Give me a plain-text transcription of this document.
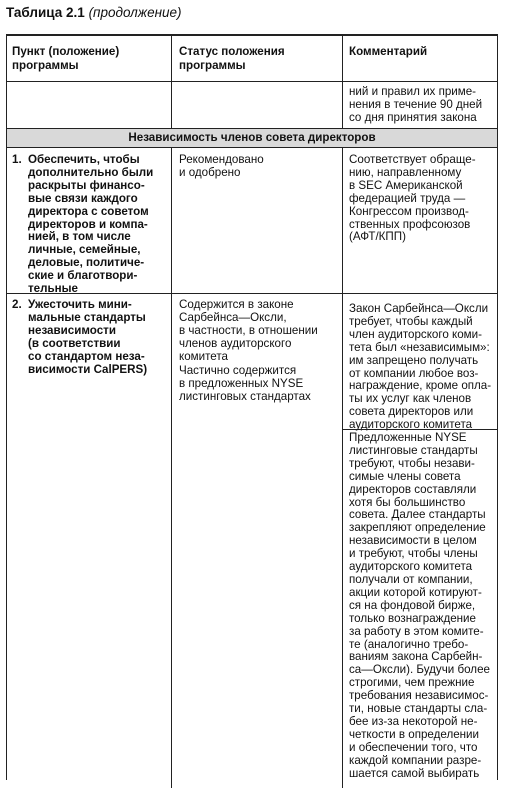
Таблица 2.1 (продолжение)
Пункт (положение)
программы
Статус положения
программы
Комментарий
ний и правил их приме-
нения в течение 90 дней
со дня принятия закона
Независимость членов совета директоров
1. Обеспечить, чтобы
дополнительно были
раскрыты финансо-
вые связи каждого
директора с советом
директоров и компа-
нией, в том числе
личные, семейные,
деловые, политиче-
ские и благотвори-
тельные
Рекомендовано
и одобрено
Соответствует обраще-
нию, направленному
в SEC Американской
федерацией труда —
Конгрессом производ-
ственных профсоюзов
(АФТ/КПП)
2. Ужесточить мини-
мальные стандарты
независимости
(в соответствии
со стандартом неза-
висимости CalPERS)
Содержится в законе
Сарбейнса—Оксли,
в частности, в отношении
членов аудиторского
комитета
Частично содержится
в предложенных NYSE
листинговых стандартах
Закон Сарбейнса—Оксли
требует, чтобы каждый
член аудиторского коми-
тета был «независимым»:
им запрещено получать
от компании любое воз-
награждение, кроме опла-
ты их услуг как членов
совета директоров или
аудиторского комитета
Предложенные NYSE
листинговые стандарты
требуют, чтобы незави-
симые члены совета
директоров составляли
хотя бы большинство
совета. Далее стандарты
закрепляют определение
независимости в целом
и требуют, чтобы члены
аудиторского комитета
получали от компании,
акции которой котируют-
ся на фондовой бирже,
только вознаграждение
за работу в этом комите-
те (аналогично требо-
ваниям закона Сарбейн-
са—Оксли). Будучи более
строгими, чем прежние
требования независимос-
ти, новые стандарты сла-
бее из-за некоторой не-
четкости в определении
и обеспечении того, что
каждой компании разре-
шается самой выбирать
